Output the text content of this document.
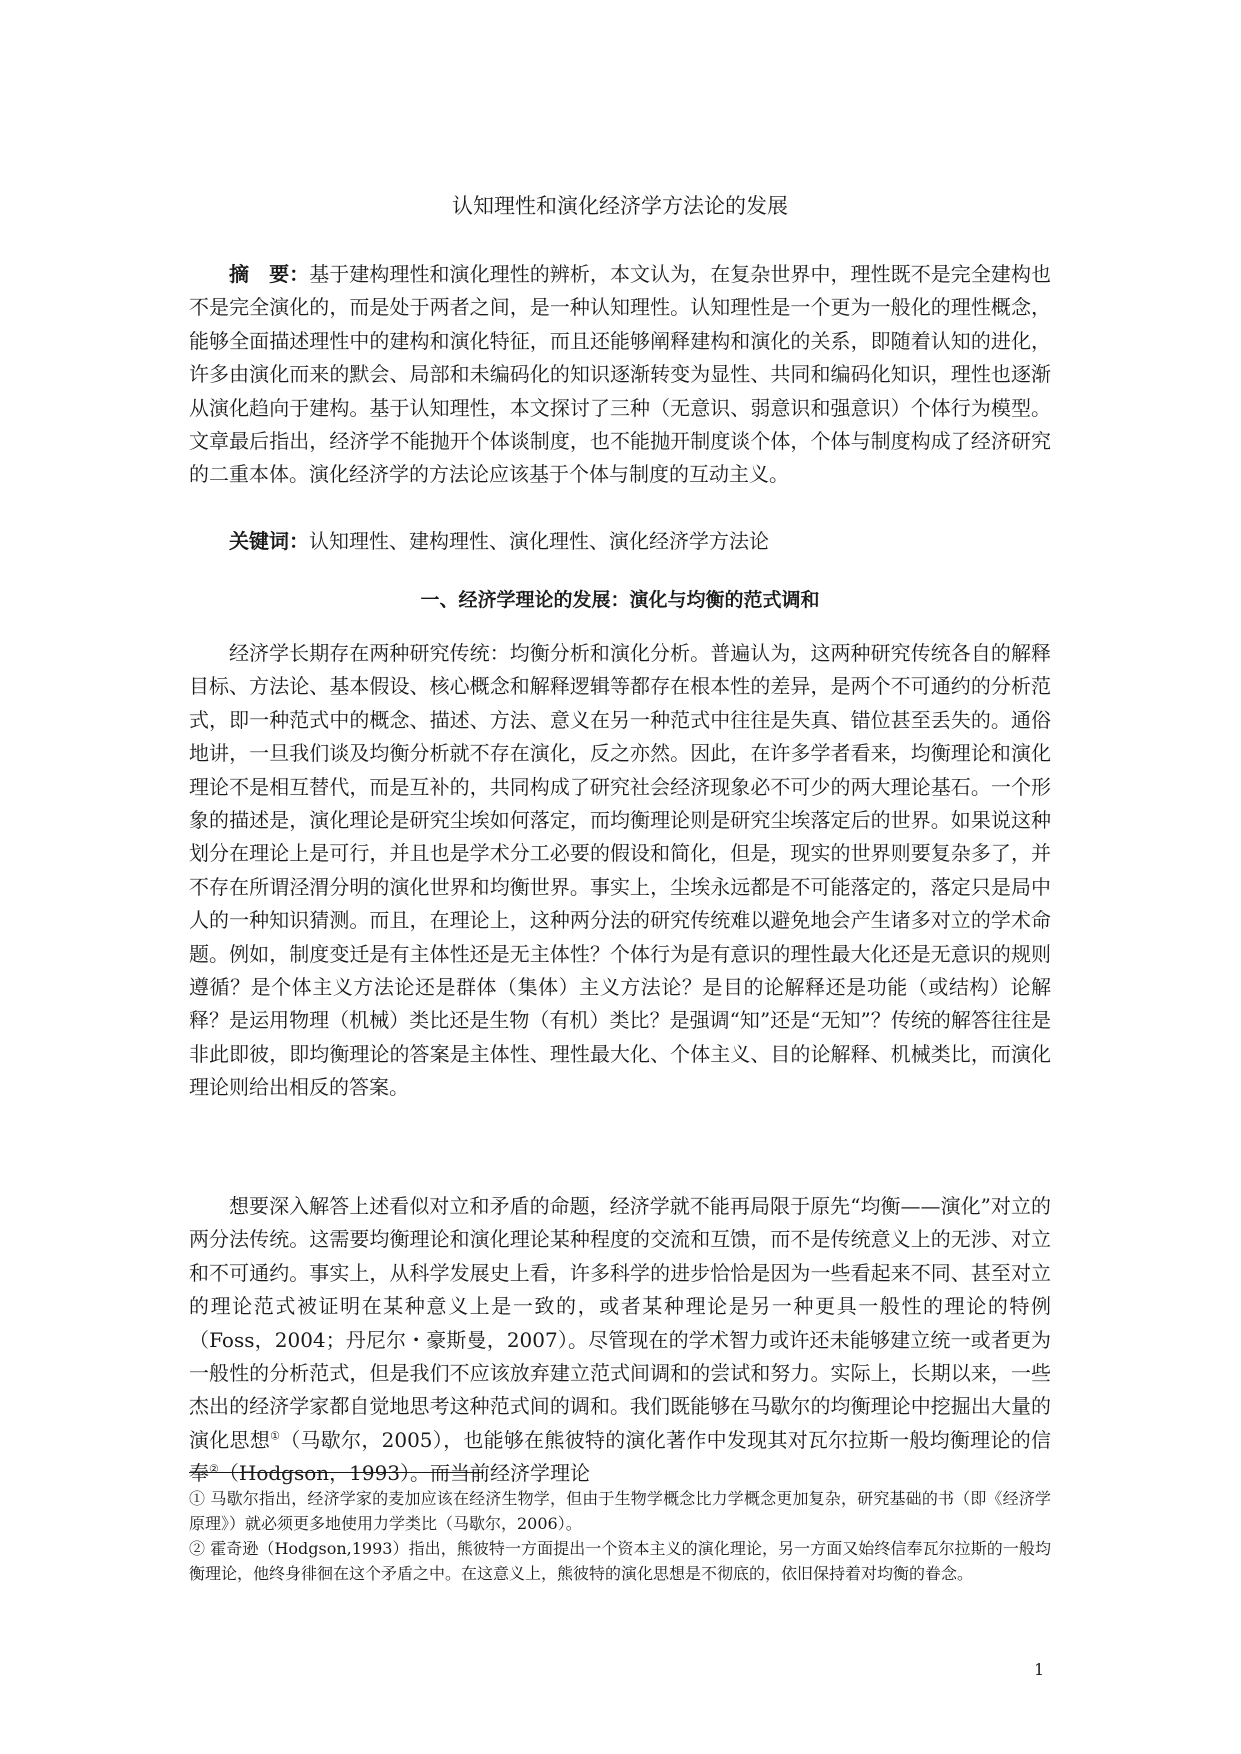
认知理性和演化经济学方法论的发展

摘　要：基于建构理性和演化理性的辨析，本文认为，在复杂世界中，理性既不是完全建构也不是完全演化的，而是处于两者之间，是一种认知理性。认知理性是一个更为一般化的理性概念，能够全面描述理性中的建构和演化特征，而且还能够阐释建构和演化的关系，即随着认知的进化，许多由演化而来的默会、局部和未编码化的知识逐渐转变为显性、共同和编码化知识，理性也逐渐从演化趋向于建构。基于认知理性，本文探讨了三种（无意识、弱意识和强意识）个体行为模型。文章最后指出，经济学不能抛开个体谈制度，也不能抛开制度谈个体，个体与制度构成了经济研究的二重本体。演化经济学的方法论应该基于个体与制度的互动主义。

关键词：认知理性、建构理性、演化理性、演化经济学方法论

一、经济学理论的发展：演化与均衡的范式调和

经济学长期存在两种研究传统：均衡分析和演化分析。普遍认为，这两种研究传统各自的解释目标、方法论、基本假设、核心概念和解释逻辑等都存在根本性的差异，是两个不可通约的分析范式，即一种范式中的概念、描述、方法、意义在另一种范式中往往是失真、错位甚至丢失的。通俗地讲，一旦我们谈及均衡分析就不存在演化，反之亦然。因此，在许多学者看来，均衡理论和演化理论不是相互替代，而是互补的，共同构成了研究社会经济现象必不可少的两大理论基石。一个形象的描述是，演化理论是研究尘埃如何落定，而均衡理论则是研究尘埃落定后的世界。如果说这种划分在理论上是可行，并且也是学术分工必要的假设和简化，但是，现实的世界则要复杂多了，并不存在所谓泾渭分明的演化世界和均衡世界。事实上，尘埃永远都是不可能落定的，落定只是局中人的一种知识猜测。而且，在理论上，这种两分法的研究传统难以避免地会产生诸多对立的学术命题。例如，制度变迁是有主体性还是无主体性？个体行为是有意识的理性最大化还是无意识的规则遵循？是个体主义方法论还是群体（集体）主义方法论？是目的论解释还是功能（或结构）论解释？是运用物理（机械）类比还是生物（有机）类比？是强调“知”还是“无知”？传统的解答往往是非此即彼，即均衡理论的答案是主体性、理性最大化、个体主义、目的论解释、机械类比，而演化理论则给出相反的答案。

想要深入解答上述看似对立和矛盾的命题，经济学就不能再局限于原先“均衡——演化”对立的两分法传统。这需要均衡理论和演化理论某种程度的交流和互馈，而不是传统意义上的无涉、对立和不可通约。事实上，从科学发展史上看，许多科学的进步恰恰是因为一些看起来不同、甚至对立的理论范式被证明在某种意义上是一致的，或者某种理论是另一种更具一般性的理论的特例（Foss，2004；丹尼尔・豪斯曼，2007）。尽管现在的学术智力或许还未能够建立统一或者更为一般性的分析范式，但是我们不应该放弃建立范式间调和的尝试和努力。实际上，长期以来，一些杰出的经济学家都自觉地思考这种范式间的调和。我们既能够在马歇尔的均衡理论中挖掘出大量的演化思想①（马歇尔，2005），也能够在熊彼特的演化著作中发现其对瓦尔拉斯一般均衡理论的信奉②（Hodgson，1993）。而当前经济学理论

① 马歇尔指出，经济学家的麦加应该在经济生物学，但由于生物学概念比力学概念更加复杂，研究基础的书（即《经济学原理》）就必须更多地使用力学类比（马歇尔，2006）。

② 霍奇逊（Hodgson,1993）指出，熊彼特一方面提出一个资本主义的演化理论，另一方面又始终信奉瓦尔拉斯的一般均衡理论，他终身徘徊在这个矛盾之中。在这意义上，熊彼特的演化思想是不彻底的，依旧保持着对均衡的眷念。

1
